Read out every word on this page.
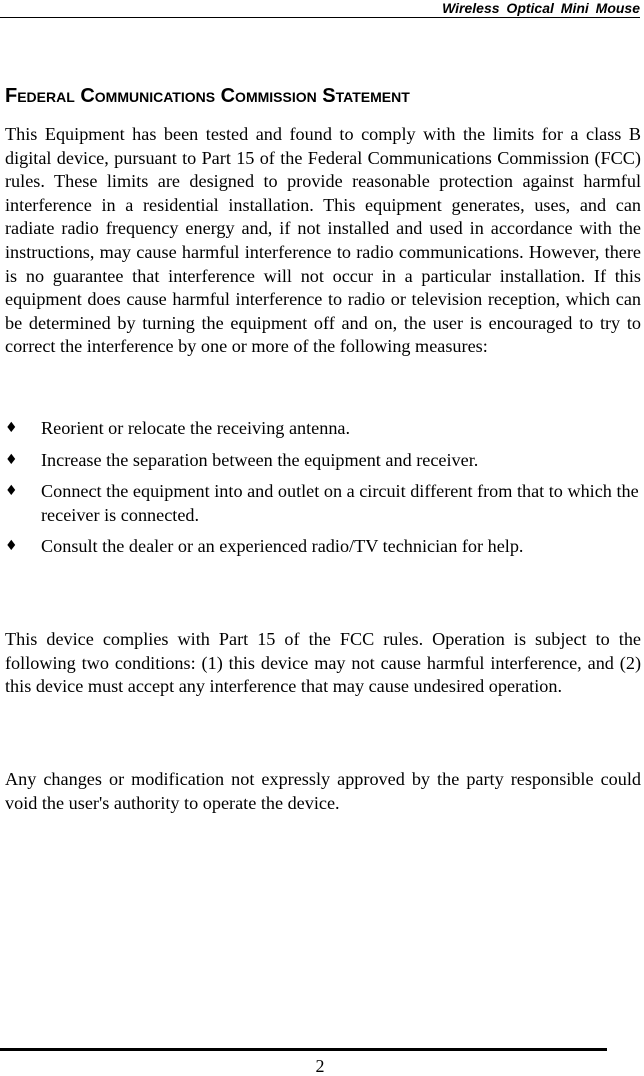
Wireless Optical Mini Mouse
Federal Communications Commission Statement

This Equipment has been tested and found to comply with the limits for a class B digital device, pursuant to Part 15 of the Federal Communications Commission (FCC) rules. These limits are designed to provide reasonable protection against harmful interference in a residential installation. This equipment generates, uses, and can radiate radio frequency energy and, if not installed and used in accordance with the instructions, may cause harmful interference to radio communications. However, there is no guarantee that interference will not occur in a particular installation. If this equipment does cause harmful interference to radio or television reception, which can be determined by turning the equipment off and on, the user is encouraged to try to correct the interference by one or more of the following measures:

♦ Reorient or relocate the receiving antenna.
♦ Increase the separation between the equipment and receiver.
♦ Connect the equipment into and outlet on a circuit different from that to which the receiver is connected.
♦ Consult the dealer or an experienced radio/TV technician for help.

This device complies with Part 15 of the FCC rules. Operation is subject to the following two conditions: (1) this device may not cause harmful interference, and (2) this device must accept any interference that may cause undesired operation.

Any changes or modification not expressly approved by the party responsible could void the user's authority to operate the device.

2
